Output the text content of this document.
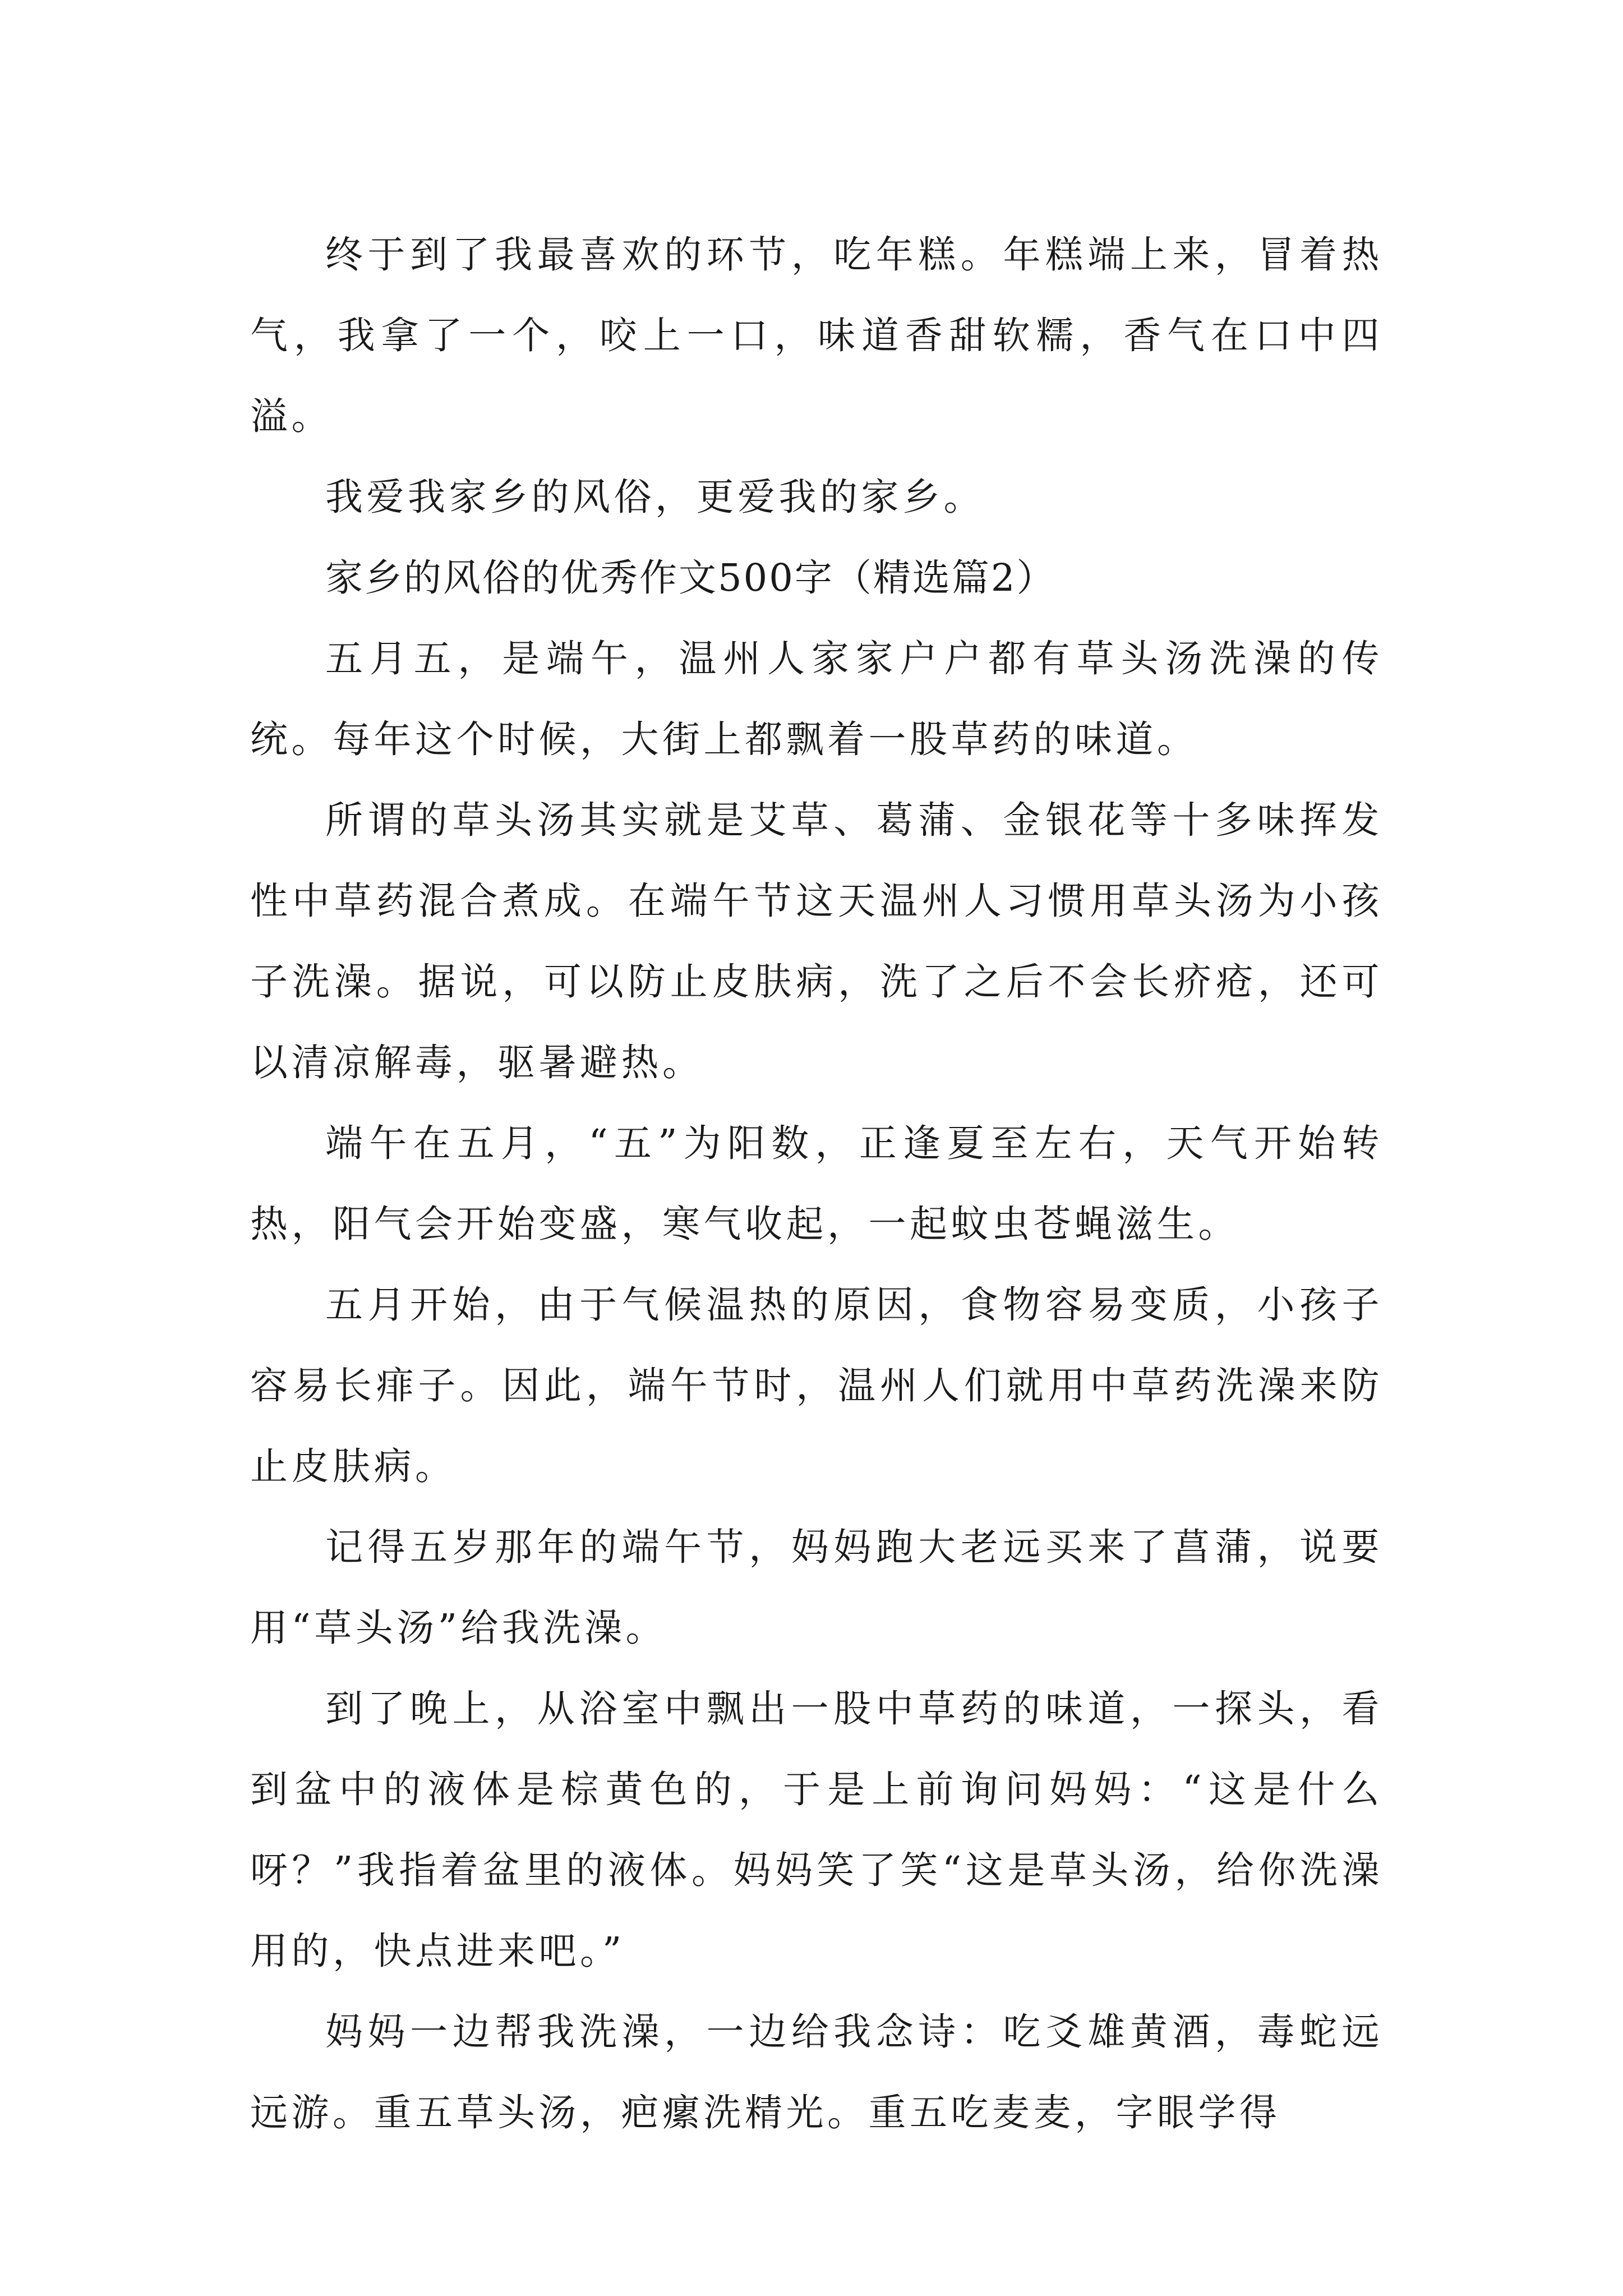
终于到了我最喜欢的环节，吃年糕。年糕端上来，冒着热气，我拿了一个，咬上一口，味道香甜软糯，香气在口中四溢。

我爱我家乡的风俗，更爱我的家乡。

家乡的风俗的优秀作文500字（精选篇2）

五月五，是端午，温州人家家户户都有草头汤洗澡的传统。每年这个时候，大街上都飘着一股草药的味道。

所谓的草头汤其实就是艾草、葛蒲、金银花等十多味挥发性中草药混合煮成。在端午节这天温州人习惯用草头汤为小孩子洗澡。据说，可以防止皮肤病，洗了之后不会长疥疮，还可以清凉解毒，驱暑避热。

端午在五月，“五”为阳数，正逢夏至左右，天气开始转热，阳气会开始变盛，寒气收起，一起蚊虫苍蝇滋生。

五月开始，由于气候温热的原因，食物容易变质，小孩子容易长痱子。因此，端午节时，温州人们就用中草药洗澡来防止皮肤病。

记得五岁那年的端午节，妈妈跑大老远买来了菖蒲，说要用“草头汤”给我洗澡。

到了晚上，从浴室中飘出一股中草药的味道，一探头，看到盆中的液体是棕黄色的，于是上前询问妈妈：“这是什么呀？”我指着盆里的液体。妈妈笑了笑“这是草头汤，给你洗澡用的，快点进来吧。”

妈妈一边帮我洗澡，一边给我念诗：吃爻雄黄酒，毒蛇远远游。重五草头汤，疤瘰洗精光。重五吃麦麦，字眼学得
